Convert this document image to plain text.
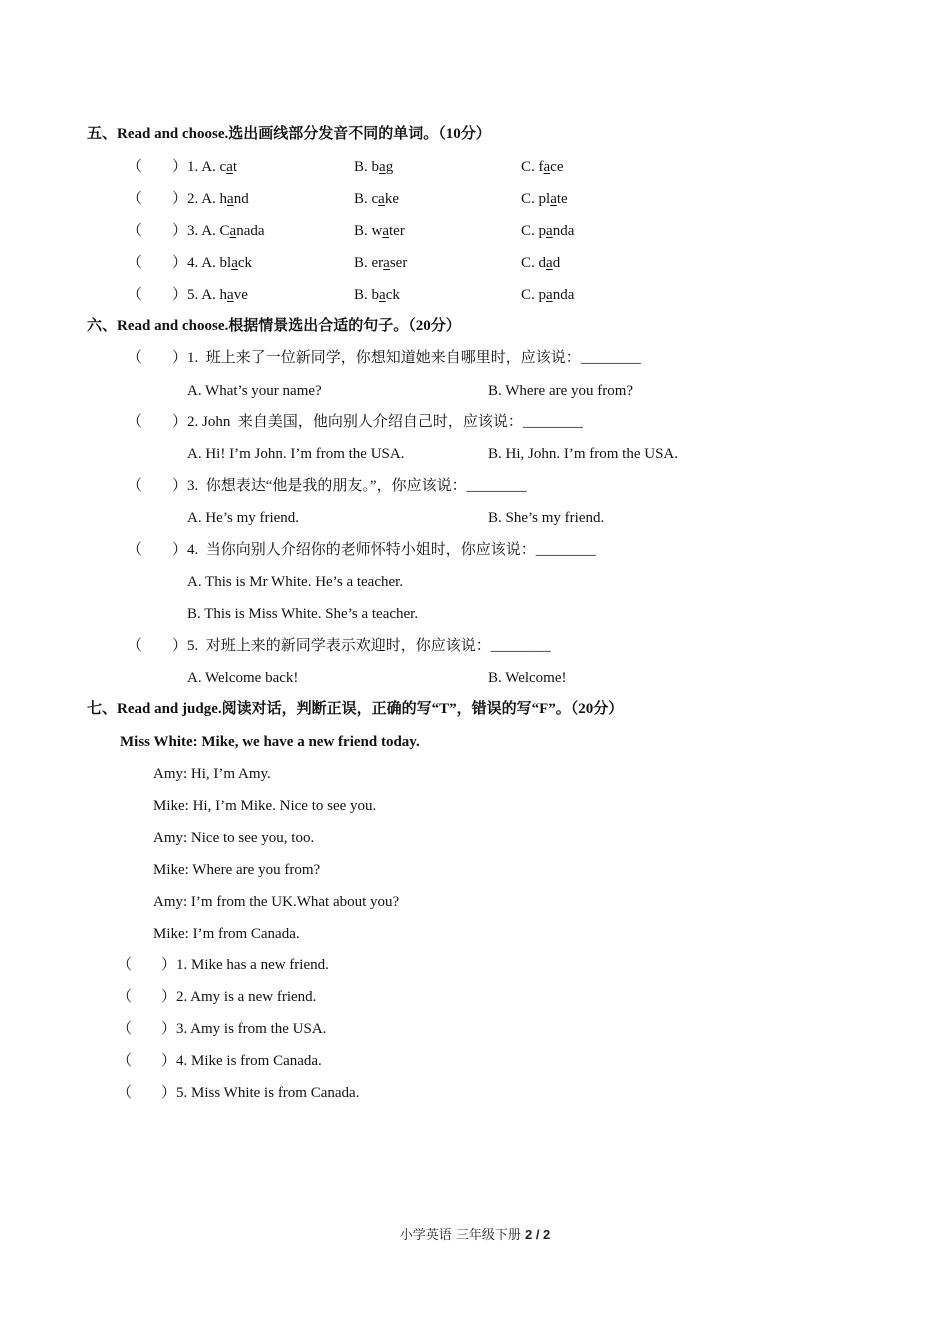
五、Read and choose.选出画线部分发音不同的单词。（10分）
（ ）1. A. cat	B. bag	C. face
（ ）2. A. hand	B. cake	C. plate
（ ）3. A. Canada	B. water	C. panda
（ ）4. A. black	B. eraser	C. dad
（ ）5. A. have	B. back	C. panda
六、Read and choose.根据情景选出合适的句子。（20分）
（ ）1.  班上来了一位新同学，你想知道她来自哪里时，应该说：________
A. What’s your name?	B. Where are you from?
（ ）2. John  来自美国，他向别人介绍自己时，应该说：________
A. Hi! I’m John. I’m from the USA.	B. Hi, John. I’m from the USA.
（ ）3.  你想表达“他是我的朋友。”，你应该说：________
A. He’s my friend.	B. She’s my friend.
（ ）4.  当你向别人介绍你的老师怀特小姐时，你应该说：________
A. This is Mr White. He’s a teacher.
B. This is Miss White. She’s a teacher.
（ ）5.  对班上来的新同学表示欢迎时，你应该说：________
A. Welcome back!	B. Welcome!
七、Read and judge.阅读对话，判断正误，正确的写“T”，错误的写“F”。（20分）
Miss White: Mike, we have a new friend today.
Amy: Hi, I’m Amy.
Mike: Hi, I’m Mike. Nice to see you.
Amy: Nice to see you, too.
Mike: Where are you from?
Amy: I’m from the UK.What about you?
Mike: I’m from Canada.
（ ）1. Mike has a new friend.
（ ）2. Amy is a new friend.
（ ）3. Amy is from the USA.
（ ）4. Mike is from Canada.
（ ）5. Miss White is from Canada.
小学英语 三年级下册 2 / 2
